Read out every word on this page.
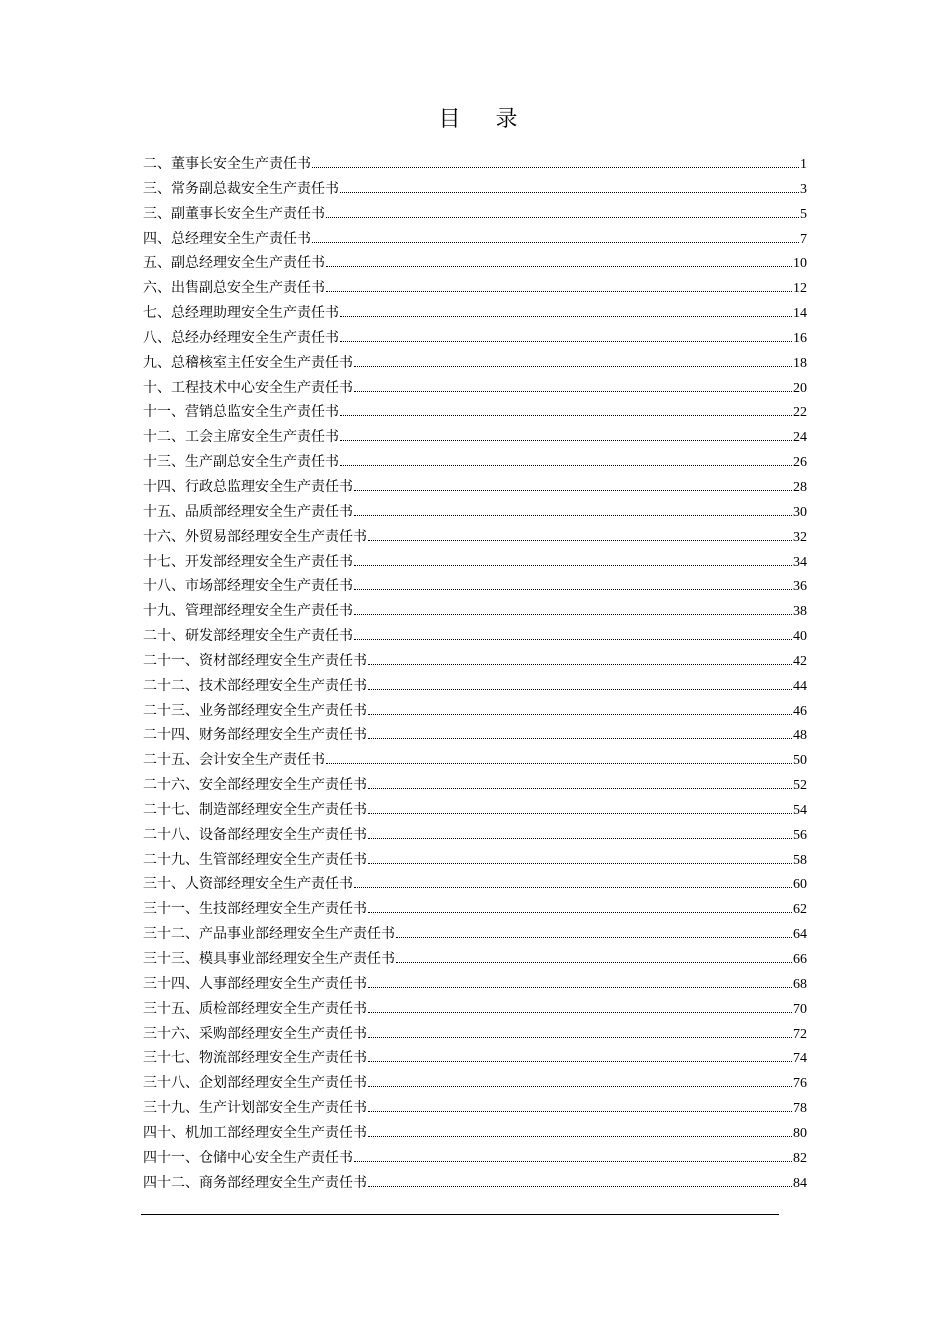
目 录
二、董事长安全生产责任书	1
三、常务副总裁安全生产责任书	3
三、副董事长安全生产责任书	5
四、总经理安全生产责任书	7
五、副总经理安全生产责任书	10
六、出售副总安全生产责任书	12
七、总经理助理安全生产责任书	14
八、总经办经理安全生产责任书	16
九、总稽核室主任安全生产责任书	18
十、工程技术中心安全生产责任书	20
十一、营销总监安全生产责任书	22
十二、工会主席安全生产责任书	24
十三、生产副总安全生产责任书	26
十四、行政总监理安全生产责任书	28
十五、品质部经理安全生产责任书	30
十六、外贸易部经理安全生产责任书	32
十七、开发部经理安全生产责任书	34
十八、市场部经理安全生产责任书	36
十九、管理部经理安全生产责任书	38
二十、研发部经理安全生产责任书	40
二十一、资材部经理安全生产责任书	42
二十二、技术部经理安全生产责任书	44
二十三、业务部经理安全生产责任书	46
二十四、财务部经理安全生产责任书	48
二十五、会计安全生产责任书	50
二十六、安全部经理安全生产责任书	52
二十七、制造部经理安全生产责任书	54
二十八、设备部经理安全生产责任书	56
二十九、生管部经理安全生产责任书	58
三十、人资部经理安全生产责任书	60
三十一、生技部经理安全生产责任书	62
三十二、产品事业部经理安全生产责任书	64
三十三、模具事业部经理安全生产责任书	66
三十四、人事部经理安全生产责任书	68
三十五、质检部经理安全生产责任书	70
三十六、采购部经理安全生产责任书	72
三十七、物流部经理安全生产责任书	74
三十八、企划部经理安全生产责任书	76
三十九、生产计划部安全生产责任书	78
四十、机加工部经理安全生产责任书	80
四十一、仓储中心安全生产责任书	82
四十二、商务部经理安全生产责任书	84
